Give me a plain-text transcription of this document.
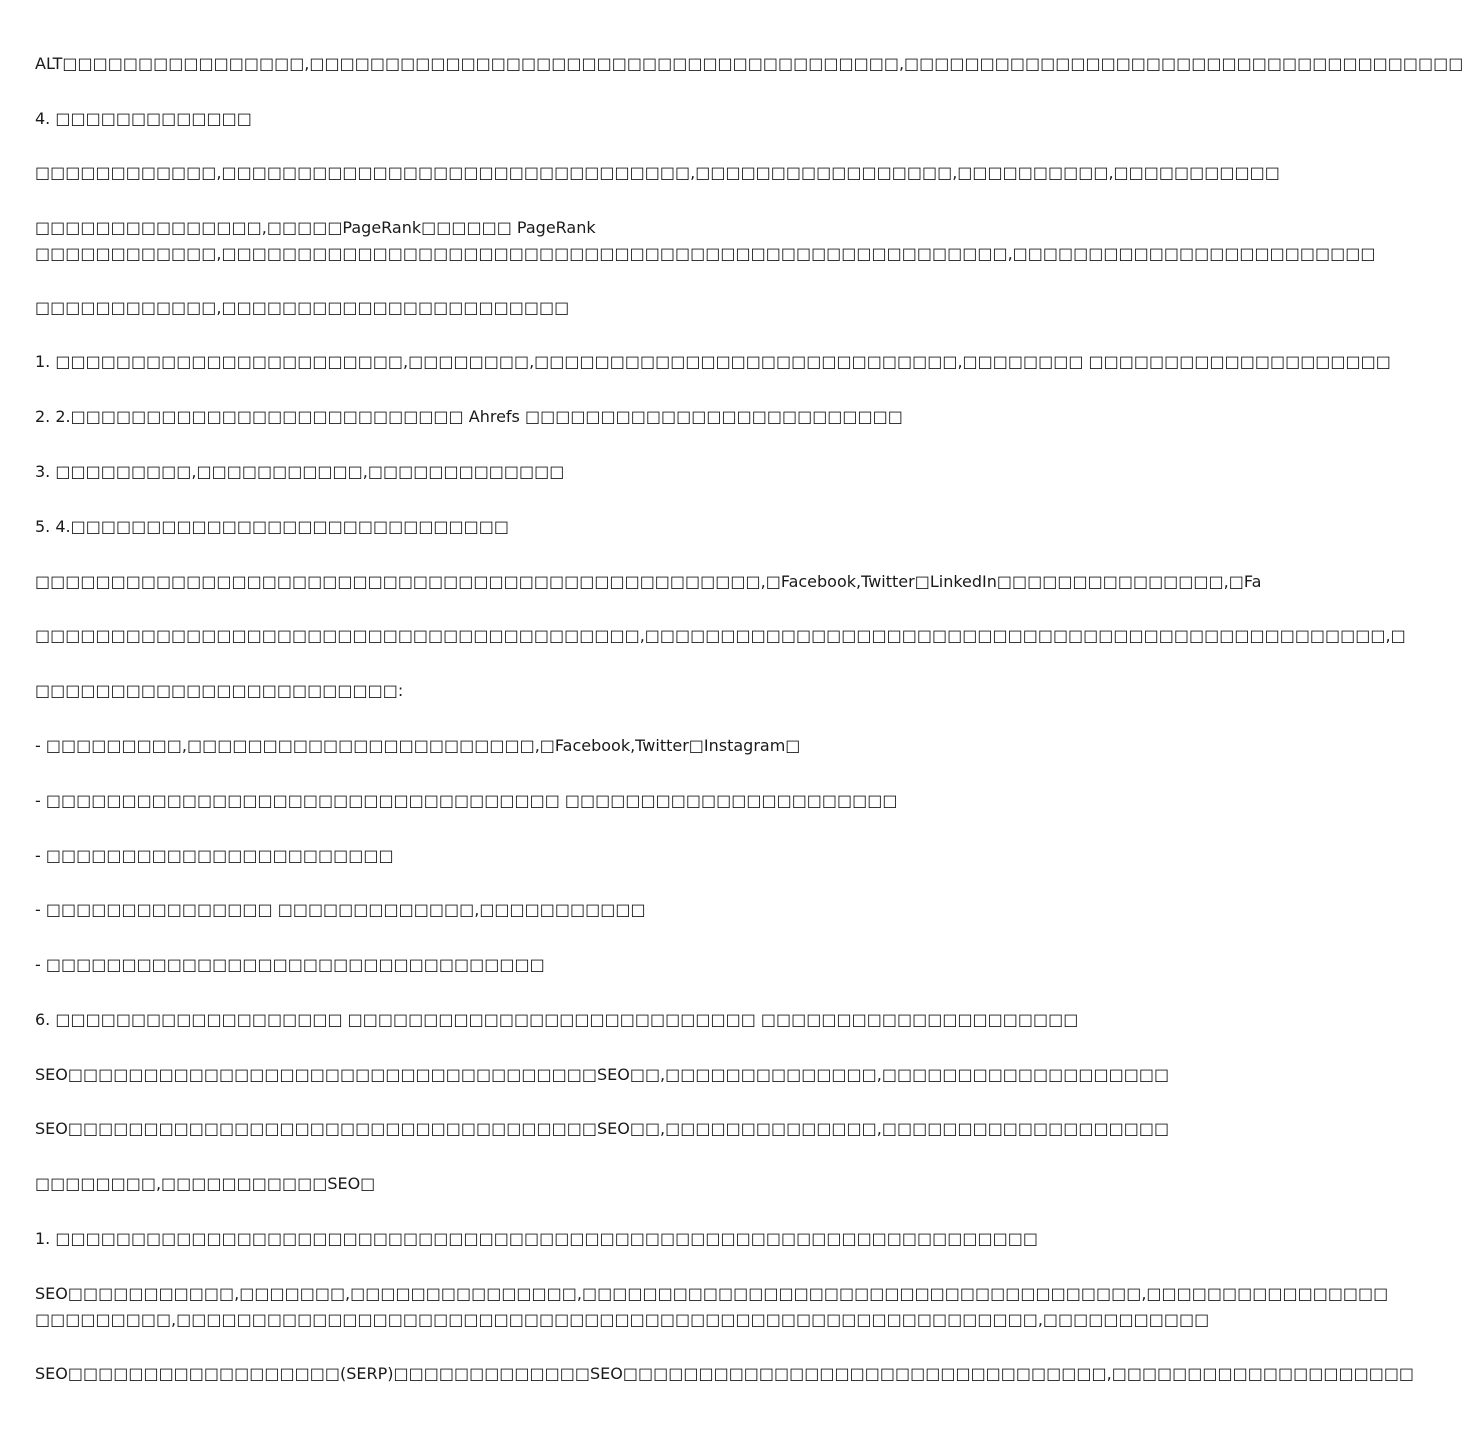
ALT□□□□□□□□□□□□□□□□,□□□□□□□□□□□□□□□□□□□□□□□□□□□□□□□□□□□□□□□,□□□□□□□□□□□□□□□□□□□□□□□□□□□□□□□□□□□□□
4. □□□□□□□□□□□□□
□□□□□□□□□□□□,□□□□□□□□□□□□□□□□□□□□□□□□□□□□□□□,□□□□□□□□□□□□□□□□□,□□□□□□□□□□,□□□□□□□□□□□
□□□□□□□□□□□□□□□,□□□□□PageRank□□□□□□ PageRank
□□□□□□□□□□□□,□□□□□□□□□□□□□□□□□□□□□□□□□□□□□□□□□□□□□□□□□□□□□□□□□□□□,□□□□□□□□□□□□□□□□□□□□□□□□
□□□□□□□□□□□□,□□□□□□□□□□□□□□□□□□□□□□□
1. □□□□□□□□□□□□□□□□□□□□□□□,□□□□□□□□,□□□□□□□□□□□□□□□□□□□□□□□□□□□□,□□□□□□□□ □□□□□□□□□□□□□□□□□□□□
2. 2.□□□□□□□□□□□□□□□□□□□□□□□□□□ Ahrefs □□□□□□□□□□□□□□□□□□□□□□□□□
3. □□□□□□□□□,□□□□□□□□□□□,□□□□□□□□□□□□□
5. 4.□□□□□□□□□□□□□□□□□□□□□□□□□□□□□
□□□□□□□□□□□□□□□□□□□□□□□□□□□□□□□□□□□□□□□□□□□□□□□□,□Facebook,Twitter□LinkedIn□□□□□□□□□□□□□□□,□Fa
□□□□□□□□□□□□□□□□□□□□□□□□□□□□□□□□□□□□□□□□,□□□□□□□□□□□□□□□□□□□□□□□□□□□□□□□□□□□□□□□□□□□□□□□□□,□
□□□□□□□□□□□□□□□□□□□□□□□□:
- □□□□□□□□□,□□□□□□□□□□□□□□□□□□□□□□□,□Facebook,Twitter□Instagram□
- □□□□□□□□□□□□□□□□□□□□□□□□□□□□□□□□□□ □□□□□□□□□□□□□□□□□□□□□□
- □□□□□□□□□□□□□□□□□□□□□□□
- □□□□□□□□□□□□□□□ □□□□□□□□□□□□□,□□□□□□□□□□□
- □□□□□□□□□□□□□□□□□□□□□□□□□□□□□□□□□
6. □□□□□□□□□□□□□□□□□□□ □□□□□□□□□□□□□□□□□□□□□□□□□□□ □□□□□□□□□□□□□□□□□□□□□
SEO□□□□□□□□□□□□□□□□□□□□□□□□□□□□□□□□□□□SEO□□,□□□□□□□□□□□□□□,□□□□□□□□□□□□□□□□□□□
SEO□□□□□□□□□□□□□□□□□□□□□□□□□□□□□□□□□□□SEO□□,□□□□□□□□□□□□□□,□□□□□□□□□□□□□□□□□□□
□□□□□□□□,□□□□□□□□□□□SEO□
1. □□□□□□□□□□□□□□□□□□□□□□□□□□□□□□□□□□□□□□□□□□□□□□□□□□□□□□□□□□□□□□□□□
SEO□□□□□□□□□□□,□□□□□□□,□□□□□□□□□□□□□□□,□□□□□□□□□□□□□□□□□□□□□□□□□□□□□□□□□□□□□,□□□□□□□□□□□□□□□□
□□□□□□□□□,□□□□□□□□□□□□□□□□□□□□□□□□□□□□□□□□□□□□□□□□□□□□□□□□□□□□□□□□□,□□□□□□□□□□□
SEO□□□□□□□□□□□□□□□□□□(SERP)□□□□□□□□□□□□□SEO□□□□□□□□□□□□□□□□□□□□□□□□□□□□□□□□,□□□□□□□□□□□□□□□□□□□□
